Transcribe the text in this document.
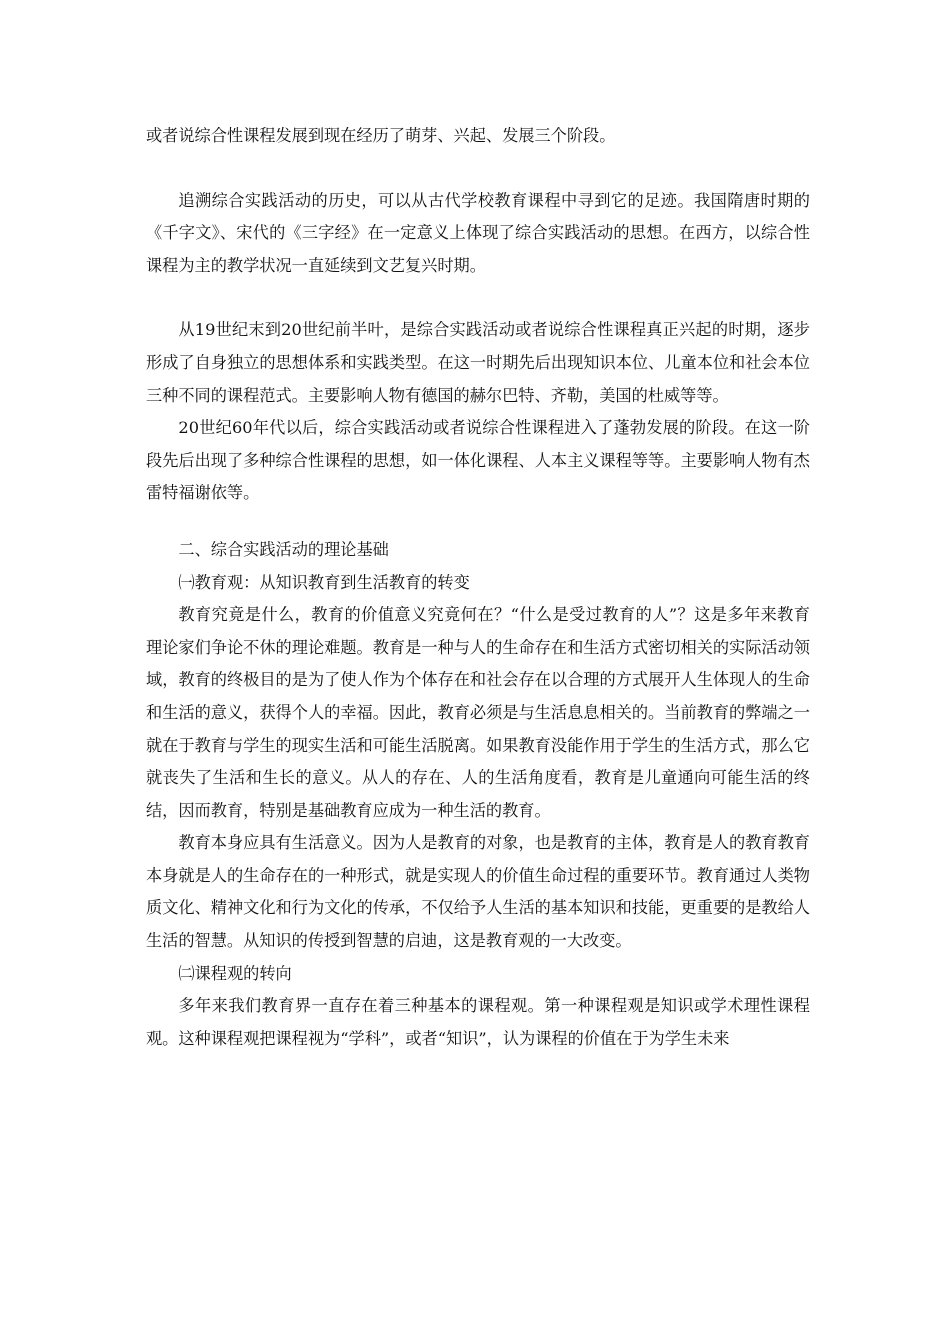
或者说综合性课程发展到现在经历了萌芽、兴起、发展三个阶段。

追溯综合实践活动的历史，可以从古代学校教育课程中寻到它的足迹。我国隋唐时期的《千字文》、宋代的《三字经》在一定意义上体现了综合实践活动的思想。在西方，以综合性课程为主的教学状况一直延续到文艺复兴时期。

从19世纪末到20世纪前半叶，是综合实践活动或者说综合性课程真正兴起的时期，逐步形成了自身独立的思想体系和实践类型。在这一时期先后出现知识本位、儿童本位和社会本位三种不同的课程范式。主要影响人物有德国的赫尔巴特、齐勒，美国的杜威等等。

20世纪60年代以后，综合实践活动或者说综合性课程进入了蓬勃发展的阶段。在这一阶段先后出现了多种综合性课程的思想，如一体化课程、人本主义课程等等。主要影响人物有杰雷特福谢依等。

二、综合实践活动的理论基础

㈠教育观：从知识教育到生活教育的转变

教育究竟是什么，教育的价值意义究竟何在？“什么是受过教育的人”？这是多年来教育理论家们争论不休的理论难题。教育是一种与人的生命存在和生活方式密切相关的实际活动领域，教育的终极目的是为了使人作为个体存在和社会存在以合理的方式展开人生体现人的生命和生活的意义，获得个人的幸福。因此，教育必须是与生活息息相关的。当前教育的弊端之一就在于教育与学生的现实生活和可能生活脱离。如果教育没能作用于学生的生活方式，那么它就丧失了生活和生长的意义。从人的存在、人的生活角度看，教育是儿童通向可能生活的终结，因而教育，特别是基础教育应成为一种生活的教育。

教育本身应具有生活意义。因为人是教育的对象，也是教育的主体，教育是人的教育教育本身就是人的生命存在的一种形式，就是实现人的价值生命过程的重要环节。教育通过人类物质文化、精神文化和行为文化的传承，不仅给予人生活的基本知识和技能，更重要的是教给人生活的智慧。从知识的传授到智慧的启迪，这是教育观的一大改变。

㈡课程观的转向

多年来我们教育界一直存在着三种基本的课程观。第一种课程观是知识或学术理性课程观。这种课程观把课程视为“学科”，或者“知识”，认为课程的价值在于为学生未来
